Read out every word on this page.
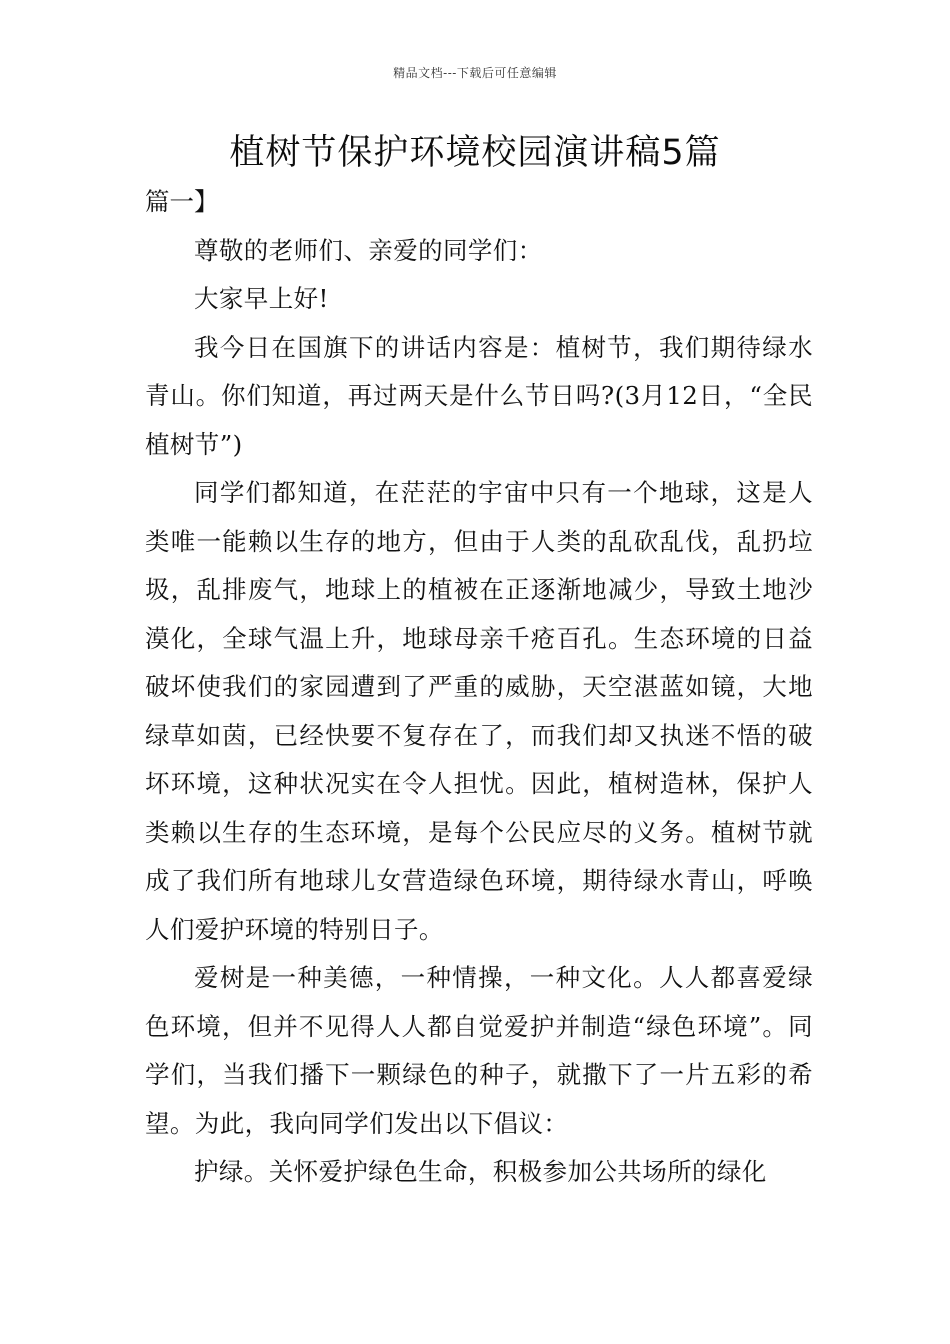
精品文档---下载后可任意编辑
植树节保护环境校园演讲稿5篇

篇一】

尊敬的老师们、亲爱的同学们：

大家早上好!

我今日在国旗下的讲话内容是：植树节，我们期待绿水青山。你们知道，再过两天是什么节日吗?(3月12日，“全民植树节”)

同学们都知道，在茫茫的宇宙中只有一个地球，这是人类唯一能赖以生存的地方，但由于人类的乱砍乱伐，乱扔垃圾，乱排废气，地球上的植被在正逐渐地减少，导致土地沙漠化，全球气温上升，地球母亲千疮百孔。生态环境的日益破坏使我们的家园遭到了严重的威胁，天空湛蓝如镜，大地绿草如茵，已经快要不复存在了，而我们却又执迷不悟的破坏环境，这种状况实在令人担忧。因此，植树造林，保护人类赖以生存的生态环境，是每个公民应尽的义务。植树节就成了我们所有地球儿女营造绿色环境，期待绿水青山，呼唤人们爱护环境的特别日子。

爱树是一种美德，一种情操，一种文化。人人都喜爱绿色环境，但并不见得人人都自觉爱护并制造“绿色环境”。同学们，当我们播下一颗绿色的种子，就撒下了一片五彩的希望。为此，我向同学们发出以下倡议：

护绿。关怀爱护绿色生命，积极参加公共场所的绿化
